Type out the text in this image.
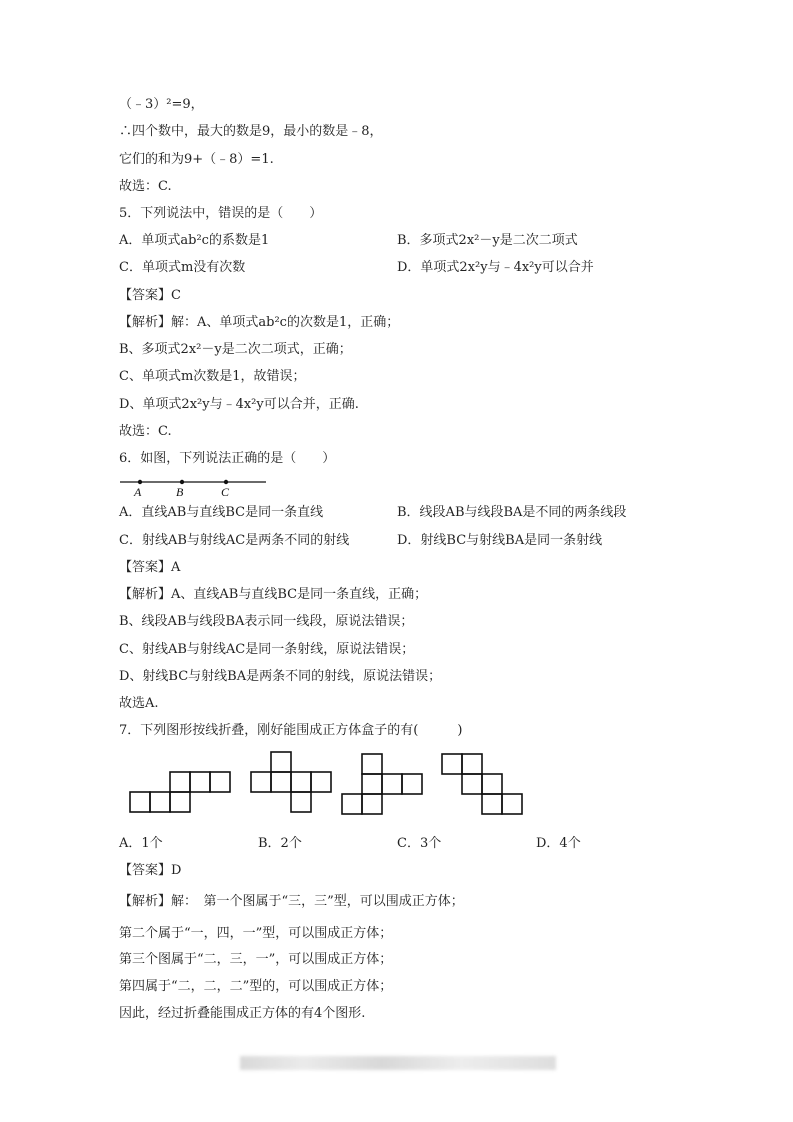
（﹣3）²=9，
∴四个数中，最大的数是9，最小的数是﹣8，
它们的和为9+（﹣8）=1.
故选：C.
5．下列说法中，错误的是（　　）
A．单项式ab²c的系数是1	B．多项式2x²－y是二次二项式
C．单项式m没有次数	D．单项式2x²y与﹣4x²y可以合并
【答案】C
【解析】解：A、单项式ab²c的次数是1，正确；
B、多项式2x²－y是二次二项式，正确；
C、单项式m次数是1，故错误；
D、单项式2x²y与﹣4x²y可以合并，正确.
故选：C.
6．如图，下列说法正确的是（　　）
A	B	C
A．直线AB与直线BC是同一条直线	B．线段AB与线段BA是不同的两条线段
C．射线AB与射线AC是两条不同的射线	D．射线BC与射线BA是同一条射线
【答案】A
【解析】A、直线AB与直线BC是同一条直线，正确；
B、线段AB与线段BA表示同一线段，原说法错误；
C、射线AB与射线AC是同一条射线，原说法错误；
D、射线BC与射线BA是两条不同的射线，原说法错误；
故选A.
7．下列图形按线折叠，刚好能围成正方体盒子的有(　　　)
A．1个	B．2个	C．3个	D．4个
【答案】D
【解析】解：　第一个图属于“三，三”型，可以围成正方体；
第二个属于“一，四，一”型，可以围成正方体；
第三个图属于“二，三，一”，可以围成正方体；
第四属于“二，二，二”型的，可以围成正方体；
因此，经过折叠能围成正方体的有4个图形.
